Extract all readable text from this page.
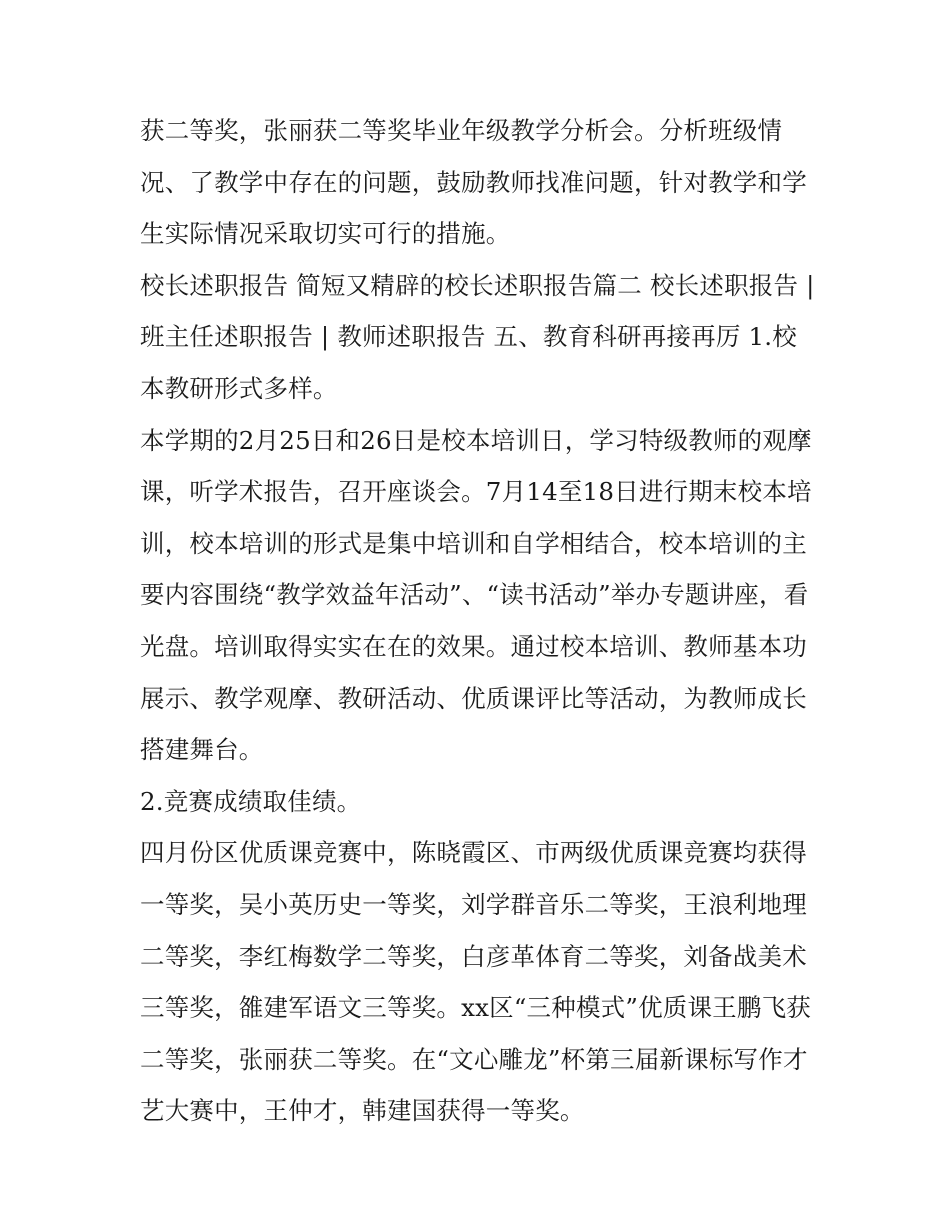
获二等奖，张丽获二等奖毕业年级教学分析会。分析班级情况、了教学中存在的问题，鼓励教师找准问题，针对教学和学生实际情况采取切实可行的措施。

校长述职报告 简短又精辟的校长述职报告篇二 校长述职报告 | 班主任述职报告 | 教师述职报告 五、教育科研再接再厉 1.校本教研形式多样。

本学期的2月25日和26日是校本培训日，学习特级教师的观摩课，听学术报告，召开座谈会。7月14至18日进行期末校本培训，校本培训的形式是集中培训和自学相结合，校本培训的主要内容围绕“教学效益年活动”、“读书活动”举办专题讲座，看光盘。培训取得实实在在的效果。通过校本培训、教师基本功展示、教学观摩、教研活动、优质课评比等活动，为教师成长搭建舞台。

2.竞赛成绩取佳绩。

四月份区优质课竞赛中，陈晓霞区、市两级优质课竞赛均获得一等奖，吴小英历史一等奖，刘学群音乐二等奖，王浪利地理二等奖，李红梅数学二等奖，白彦革体育二等奖，刘备战美术三等奖，雒建军语文三等奖。xx区“三种模式”优质课王鹏飞获二等奖，张丽获二等奖。在“文心雕龙”杯第三届新课标写作才艺大赛中，王仲才，韩建国获得一等奖。
